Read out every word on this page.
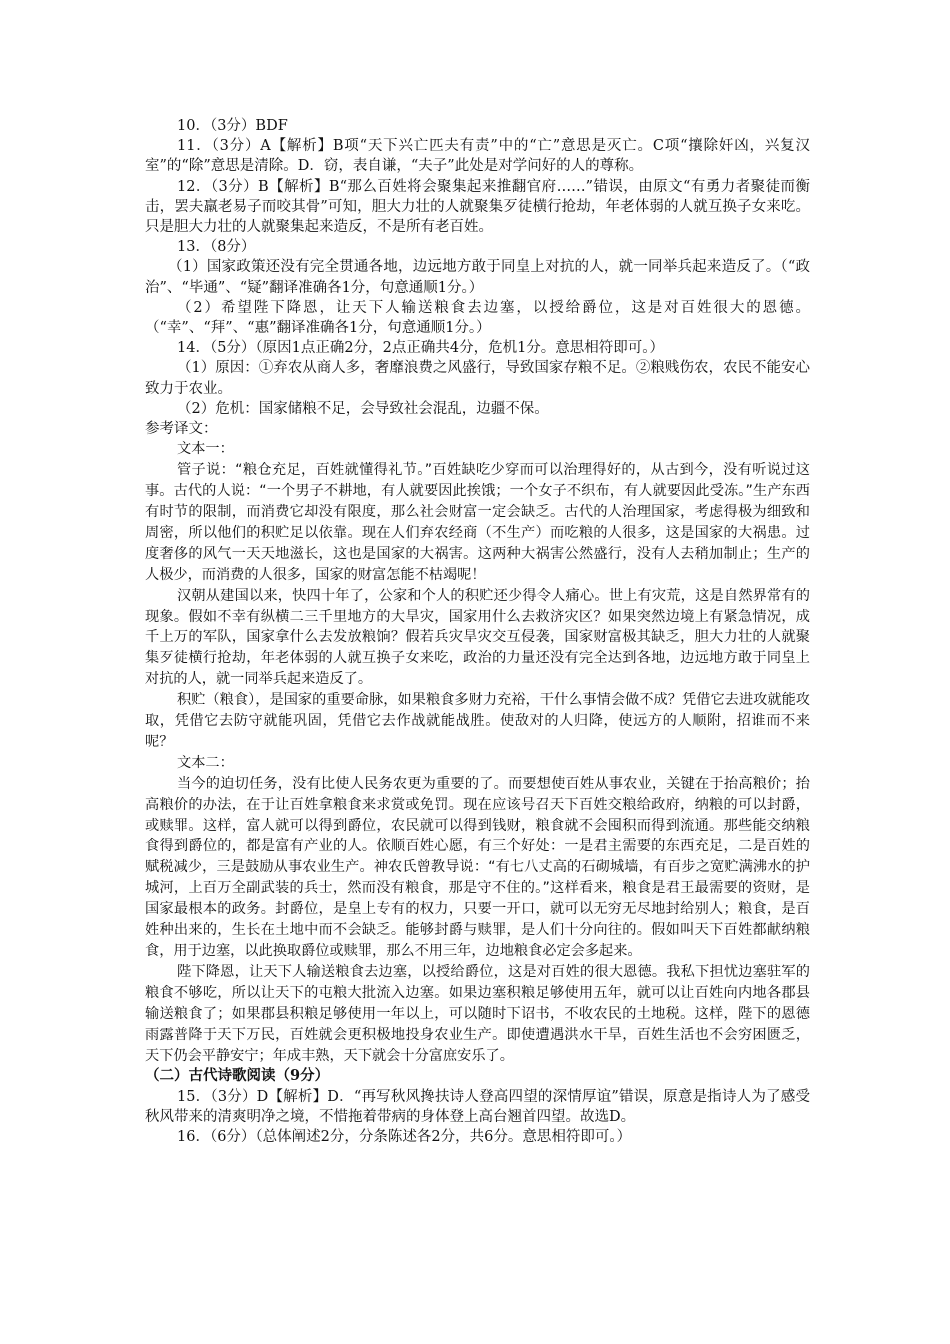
10．（3分）BDF

11．（3分）A【解析】B项“天下兴亡匹夫有责”中的“亡”意思是灭亡。C项“攘除奸凶，兴复汉室”的“除”意思是清除。D．窃，表自谦，“夫子”此处是对学问好的人的尊称。

12．（3分）B【解析】B“那么百姓将会聚集起来推翻官府……”错误，由原文“有勇力者聚徒而衡击，罢夫羸老易子而咬其骨”可知，胆大力壮的人就聚集歹徒横行抢劫，年老体弱的人就互换子女来吃。只是胆大力壮的人就聚集起来造反，不是所有老百姓。

13．（8分）

（1）国家政策还没有完全贯通各地，边远地方敢于同皇上对抗的人，就一同举兵起来造反了。（“政治”、“毕通”、“疑”翻译准确各1分，句意通顺1分。）

（2）希望陛下降恩，让天下人输送粮食去边塞，以授给爵位，这是对百姓很大的恩德。（“幸”、“拜”、“惠”翻译准确各1分，句意通顺1分。）

14．（5分）（原因1点正确2分，2点正确共4分，危机1分。意思相符即可。）

（1）原因：①弃农从商人多，奢靡浪费之风盛行，导致国家存粮不足。②粮贱伤农，农民不能安心致力于农业。

（2）危机：国家储粮不足，会导致社会混乱，边疆不保。

参考译文：

文本一：

管子说：“粮仓充足，百姓就懂得礼节。”百姓缺吃少穿而可以治理得好的，从古到今，没有听说过这事。古代的人说：“一个男子不耕地，有人就要因此挨饿；一个女子不织布，有人就要因此受冻。”生产东西有时节的限制，而消费它却没有限度，那么社会财富一定会缺乏。古代的人治理国家，考虑得极为细致和周密，所以他们的积贮足以依靠。现在人们弃农经商（不生产）而吃粮的人很多，这是国家的大祸患。过度奢侈的风气一天天地滋长，这也是国家的大祸害。这两种大祸害公然盛行，没有人去稍加制止；生产的人极少，而消费的人很多，国家的财富怎能不枯竭呢！

汉朝从建国以来，快四十年了，公家和个人的积贮还少得令人痛心。世上有灾荒，这是自然界常有的现象。假如不幸有纵横二三千里地方的大旱灾，国家用什么去救济灾区？如果突然边境上有紧急情况，成千上万的军队，国家拿什么去发放粮饷？假若兵灾旱灾交互侵袭，国家财富极其缺乏，胆大力壮的人就聚集歹徒横行抢劫，年老体弱的人就互换子女来吃，政治的力量还没有完全达到各地，边远地方敢于同皇上对抗的人，就一同举兵起来造反了。

积贮（粮食），是国家的重要命脉，如果粮食多财力充裕，干什么事情会做不成？凭借它去进攻就能攻取，凭借它去防守就能巩固，凭借它去作战就能战胜。使敌对的人归降，使远方的人顺附，招谁而不来呢？

文本二：

当今的迫切任务，没有比使人民务农更为重要的了。而要想使百姓从事农业，关键在于抬高粮价；抬高粮价的办法，在于让百姓拿粮食来求赏或免罚。现在应该号召天下百姓交粮给政府，纳粮的可以封爵，或赎罪。这样，富人就可以得到爵位，农民就可以得到钱财，粮食就不会囤积而得到流通。那些能交纳粮食得到爵位的，都是富有产业的人。依顺百姓心愿，有三个好处：一是君主需要的东西充足，二是百姓的赋税减少，三是鼓励从事农业生产。神农氏曾教导说：“有七八丈高的石砌城墙，有百步之宽贮满沸水的护城河，上百万全副武装的兵士，然而没有粮食，那是守不住的。”这样看来，粮食是君王最需要的资财，是国家最根本的政务。封爵位，是皇上专有的权力，只要一开口，就可以无穷无尽地封给别人；粮食，是百姓种出来的，生长在土地中而不会缺乏。能够封爵与赎罪，是人们十分向往的。假如叫天下百姓都献纳粮食，用于边塞，以此换取爵位或赎罪，那么不用三年，边地粮食必定会多起来。

陛下降恩，让天下人输送粮食去边塞，以授给爵位，这是对百姓的很大恩德。我私下担忧边塞驻军的粮食不够吃，所以让天下的屯粮大批流入边塞。如果边塞积粮足够使用五年，就可以让百姓向内地各郡县输送粮食了；如果郡县积粮足够使用一年以上，可以随时下诏书，不收农民的土地税。这样，陛下的恩德雨露普降于天下万民，百姓就会更积极地投身农业生产。即使遭遇洪水干旱，百姓生活也不会穷困匮乏，天下仍会平静安宁；年成丰熟，天下就会十分富庶安乐了。

（二）古代诗歌阅读（9分）

15．（3分）D【解析】D．“再写秋风搀扶诗人登高四望的深情厚谊”错误，原意是指诗人为了感受秋风带来的清爽明净之境，不惜拖着带病的身体登上高台翘首四望。故选D。

16．（6分）（总体阐述2分，分条陈述各2分，共6分。意思相符即可。）
